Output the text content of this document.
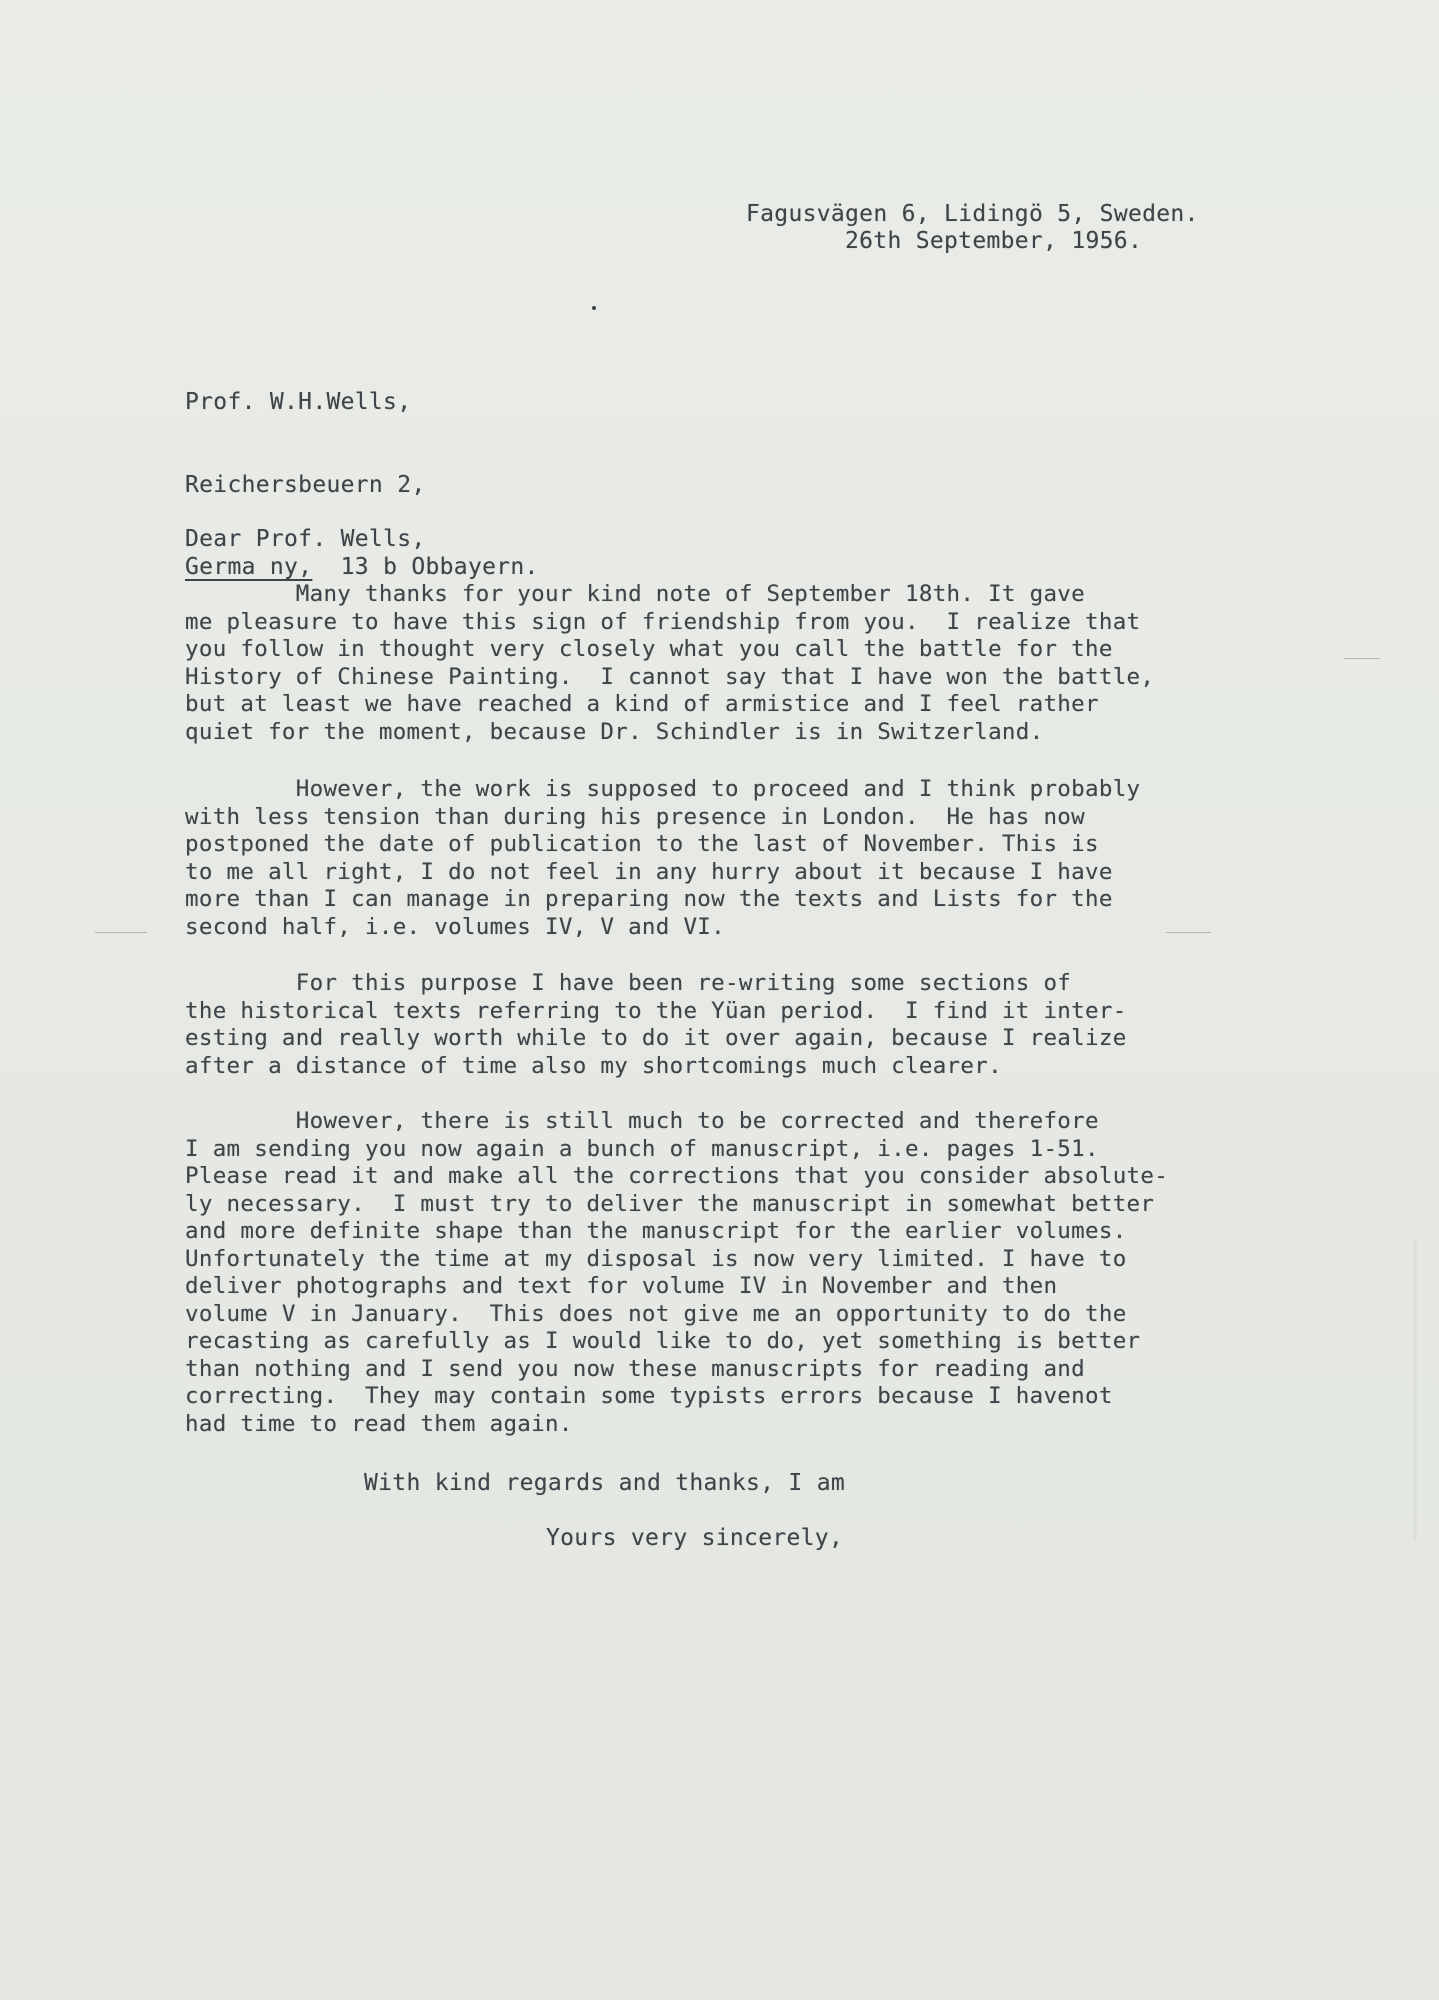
Fagusvägen 6, Lidingö 5, Sweden.
26th September, 1956.

Prof. W.H.Wells,

Reichersbeuern 2,

Germa ny, 13 b Obbayern.

Dear Prof. Wells,
Many thanks for your kind note of September 18th. It gave
me pleasure to have this sign of friendship from you.  I realize that
you follow in thought very closely what you call the battle for the
History of Chinese Painting.  I cannot say that I have won the battle,
but at least we have reached a kind of armistice and I feel rather
quiet for the moment, because Dr. Schindler is in Switzerland.
However, the work is supposed to proceed and I think probably
with less tension than during his presence in London.  He has now
postponed the date of publication to the last of November. This is
to me all right, I do not feel in any hurry about it because I have
more than I can manage in preparing now the texts and Lists for the
second half, i.e. volumes IV, V and VI.
For this purpose I have been re-writing some sections of
the historical texts referring to the Yüan period.  I find it inter-
esting and really worth while to do it over again, because I realize
after a distance of time also my shortcomings much clearer.
However, there is still much to be corrected and therefore
I am sending you now again a bunch of manuscript, i.e. pages 1-51.
Please read it and make all the corrections that you consider absolute-
ly necessary.  I must try to deliver the manuscript in somewhat better
and more definite shape than the manuscript for the earlier volumes.
Unfortunately the time at my disposal is now very limited. I have to
deliver photographs and text for volume IV in November and then
volume V in January.  This does not give me an opportunity to do the
recasting as carefully as I would like to do, yet something is better
than nothing and I send you now these manuscripts for reading and
correcting.  They may contain some typists errors because I havenot
had time to read them again.
With kind regards and thanks, I am
Yours very sincerely,
